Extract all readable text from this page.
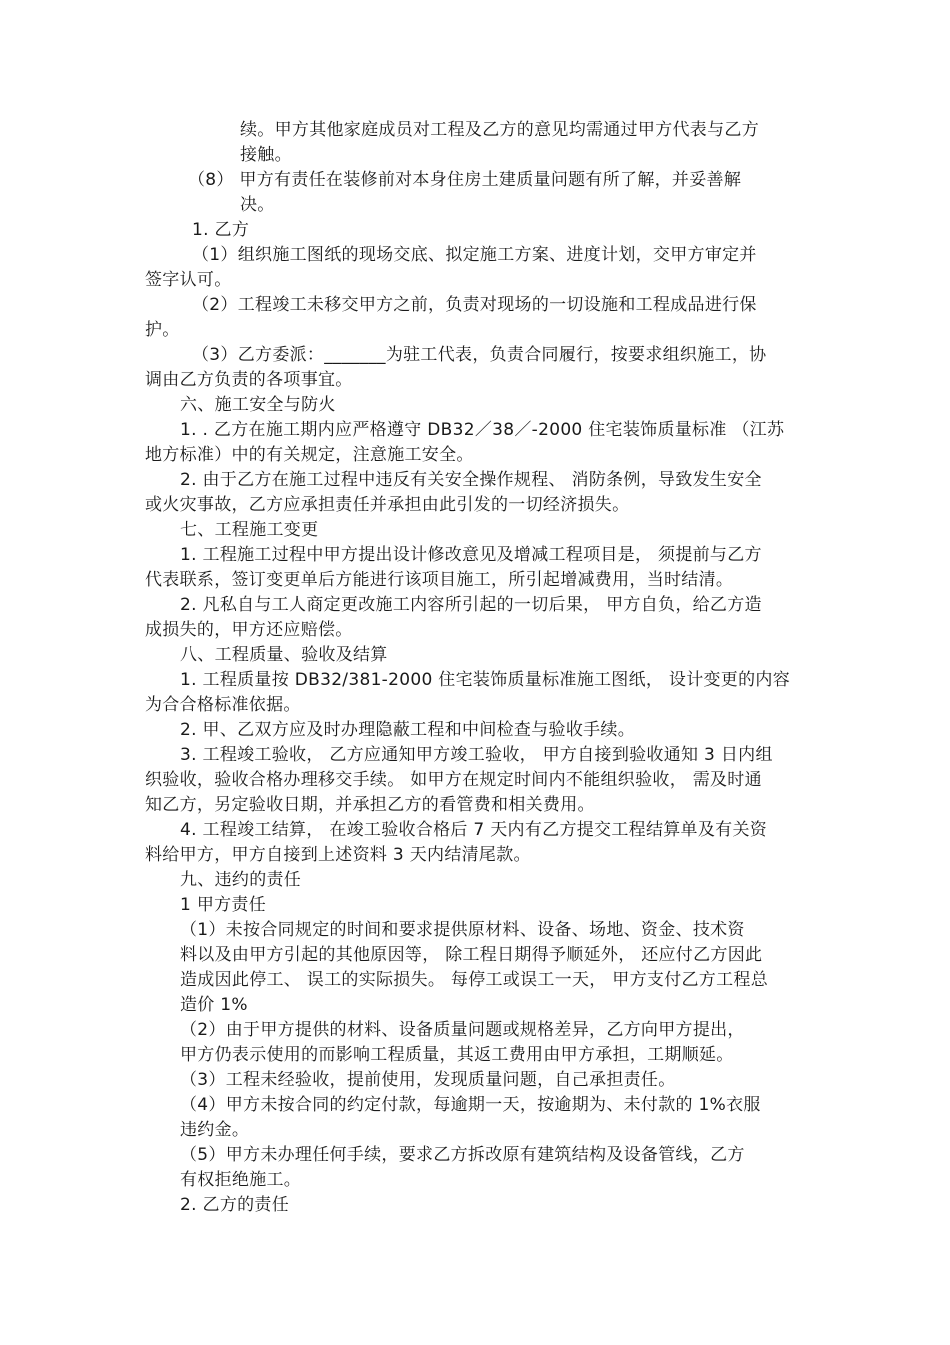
续。甲方其他家庭成员对工程及乙方的意见均需通过甲方代表与乙方
接触。
（8） 甲方有责任在装修前对本身住房土建质量问题有所了解，并妥善解
决。
1. 乙方
（1）组织施工图纸的现场交底、拟定施工方案、进度计划，交甲方审定并
签字认可。
（2）工程竣工未移交甲方之前，负责对现场的一切设施和工程成品进行保
护。
（3）乙方委派：_______为驻工代表，负责合同履行，按要求组织施工，协
调由乙方负责的各项事宜。
六、施工安全与防火
1. . 乙方在施工期内应严格遵守 DB32／38／-2000 住宅装饰质量标准 （江苏
地方标准）中的有关规定，注意施工安全。
2. 由于乙方在施工过程中违反有关安全操作规程、 消防条例，导致发生安全
或火灾事故，乙方应承担责任并承担由此引发的一切经济损失。
七、工程施工变更
1. 工程施工过程中甲方提出设计修改意见及增减工程项目是， 须提前与乙方
代表联系，签订变更单后方能进行该项目施工，所引起增减费用，当时结清。
2. 凡私自与工人商定更改施工内容所引起的一切后果， 甲方自负，给乙方造
成损失的，甲方还应赔偿。
八、工程质量、验收及结算
1. 工程质量按 DB32/381-2000 住宅装饰质量标准施工图纸， 设计变更的内容
为合合格标准依据。
2. 甲、乙双方应及时办理隐蔽工程和中间检查与验收手续。
3. 工程竣工验收， 乙方应通知甲方竣工验收， 甲方自接到验收通知 3 日内组
织验收，验收合格办理移交手续。 如甲方在规定时间内不能组织验收， 需及时通
知乙方，另定验收日期，并承担乙方的看管费和相关费用。
4. 工程竣工结算， 在竣工验收合格后 7 天内有乙方提交工程结算单及有关资
料给甲方，甲方自接到上述资料 3 天内结清尾款。
九、违约的责任
1 甲方责任
（1）未按合同规定的时间和要求提供原材料、设备、场地、资金、技术资
料以及由甲方引起的其他原因等， 除工程日期得予顺延外， 还应付乙方因此
造成因此停工、 误工的实际损失。 每停工或误工一天， 甲方支付乙方工程总
造价 1%
（2）由于甲方提供的材料、设备质量问题或规格差异，乙方向甲方提出，
甲方仍表示使用的而影响工程质量，其返工费用由甲方承担，工期顺延。
（3）工程未经验收，提前使用，发现质量问题，自己承担责任。
（4）甲方未按合同的约定付款，每逾期一天，按逾期为、未付款的 1%衣服
违约金。
（5）甲方未办理任何手续，要求乙方拆改原有建筑结构及设备管线，乙方
有权拒绝施工。
2. 乙方的责任
